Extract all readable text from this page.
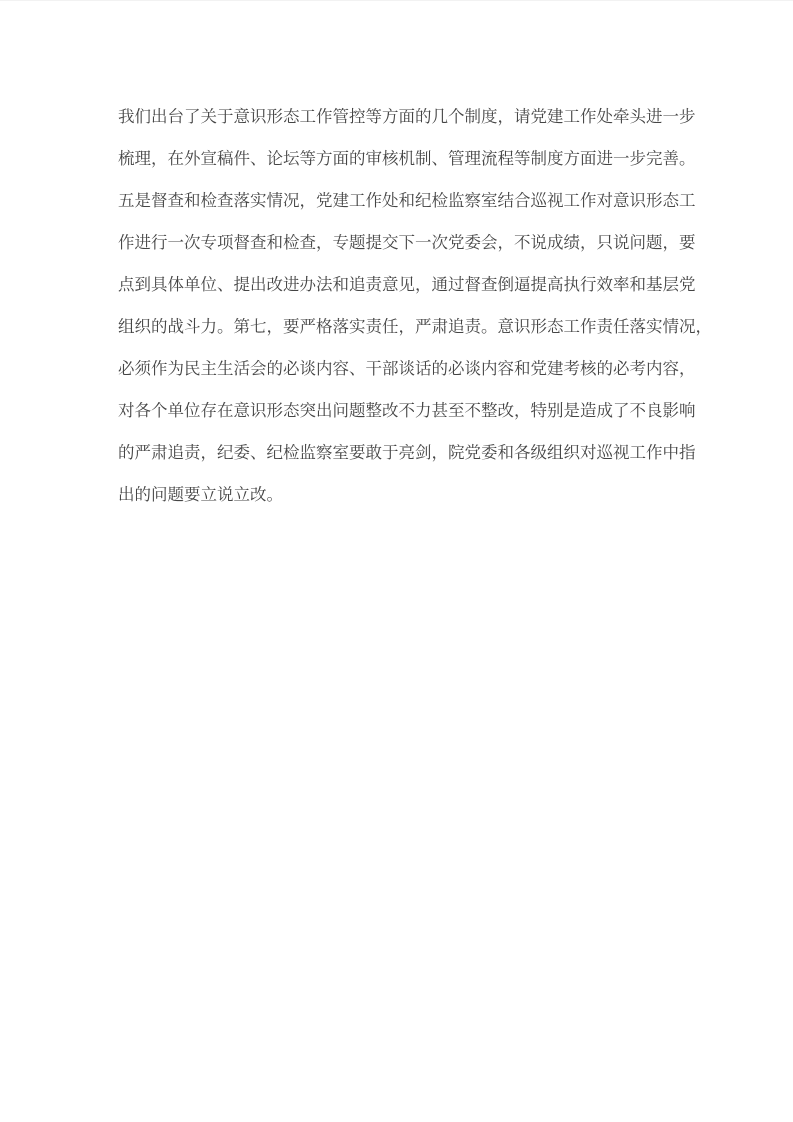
我们出台了关于意识形态工作管控等方面的几个制度，请党建工作处牵头进一步
梳理，在外宣稿件、论坛等方面的审核机制、管理流程等制度方面进一步完善。
五是督查和检查落实情况，党建工作处和纪检监察室结合巡视工作对意识形态工
作进行一次专项督查和检查，专题提交下一次党委会，不说成绩，只说问题，要
点到具体单位、提出改进办法和追责意见，通过督查倒逼提高执行效率和基层党
组织的战斗力。第七，要严格落实责任，严肃追责。意识形态工作责任落实情况，
必须作为民主生活会的必谈内容、干部谈话的必谈内容和党建考核的必考内容，
对各个单位存在意识形态突出问题整改不力甚至不整改，特别是造成了不良影响
的严肃追责，纪委、纪检监察室要敢于亮剑，院党委和各级组织对巡视工作中指
出的问题要立说立改。
